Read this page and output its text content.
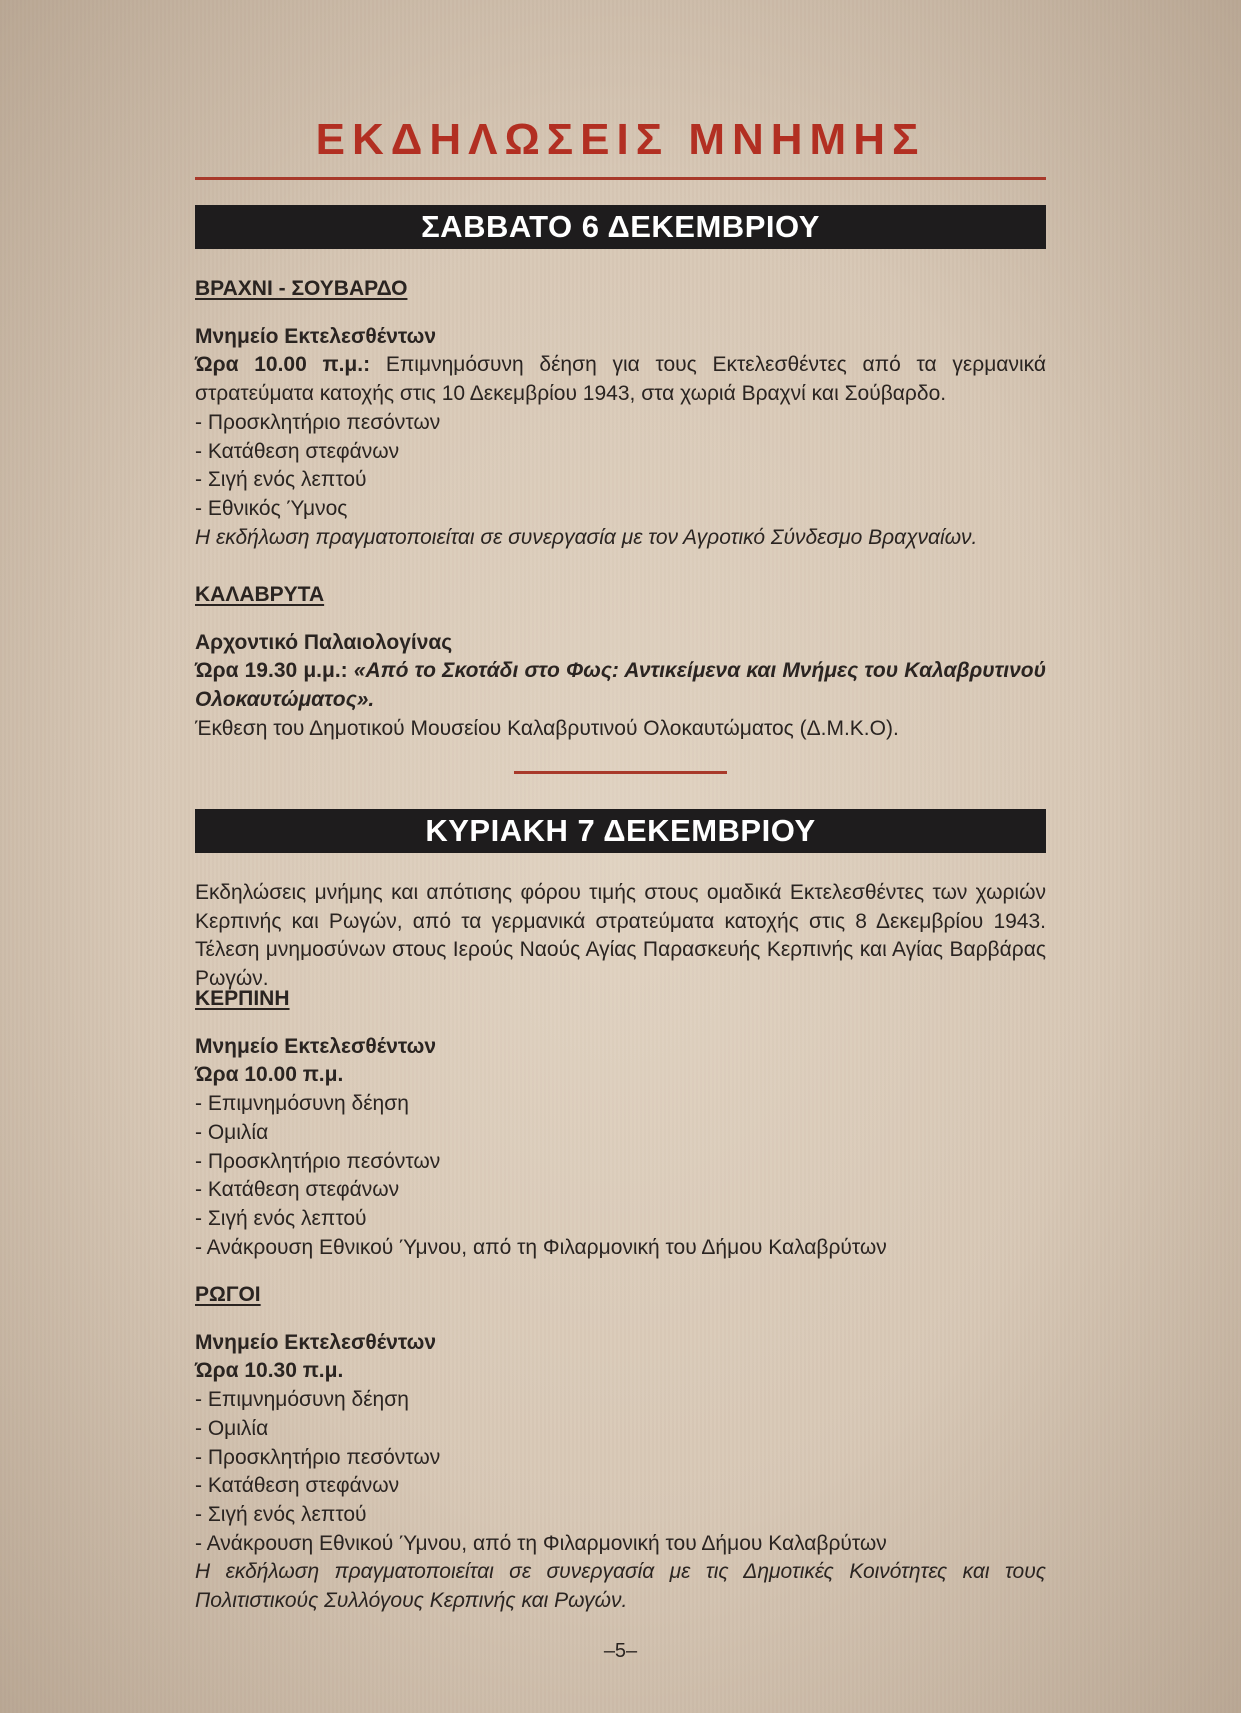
ΕΚΔΗΛΩΣΕΙΣ ΜΝΗΜΗΣ
ΣΑΒΒΑΤΟ 6 ΔΕΚΕΜΒΡΙΟΥ
ΒΡΑΧΝΙ - ΣΟΥΒΑΡΔΟ
Μνημείο Εκτελεσθέντων
Ώρα 10.00 π.μ.: Επιμνημόσυνη δέηση για τους Εκτελεσθέντες από τα γερμανικά στρατεύματα κατοχής στις 10 Δεκεμβρίου 1943, στα χωριά Βραχνί και Σούβαρδο.
- Προσκλητήριο πεσόντων
- Κατάθεση στεφάνων
- Σιγή ενός λεπτού
- Εθνικός Ύμνος
Η εκδήλωση πραγματοποιείται σε συνεργασία με τον Αγροτικό Σύνδεσμο Βραχναίων.
ΚΑΛΑΒΡΥΤΑ
Αρχοντικό Παλαιολογίνας
Ώρα 19.30 μ.μ.: «Από το Σκοτάδι στο Φως: Αντικείμενα και Μνήμες του Καλαβρυτινού Ολοκαυτώματος».
Έκθεση του Δημοτικού Μουσείου Καλαβρυτινού Ολοκαυτώματος (Δ.Μ.Κ.Ο).
ΚΥΡΙΑΚΗ 7 ΔΕΚΕΜΒΡΙΟΥ
Εκδηλώσεις μνήμης και απότισης φόρου τιμής στους ομαδικά Εκτελεσθέντες των χωριών Κερπινής και Ρωγών, από τα γερμανικά στρατεύματα κατοχής στις 8 Δεκεμβρίου 1943. Τέλεση μνημοσύνων στους Ιερούς Ναούς Αγίας Παρασκευής Κερπινής και Αγίας Βαρβάρας Ρωγών.
ΚΕΡΠΙΝΗ
Μνημείο Εκτελεσθέντων
Ώρα 10.00 π.μ.
- Επιμνημόσυνη δέηση
- Ομιλία
- Προσκλητήριο πεσόντων
- Κατάθεση στεφάνων
- Σιγή ενός λεπτού
- Ανάκρουση Εθνικού Ύμνου, από τη Φιλαρμονική του Δήμου Καλαβρύτων
ΡΩΓΟΙ
Μνημείο Εκτελεσθέντων
Ώρα 10.30 π.μ.
- Επιμνημόσυνη δέηση
- Ομιλία
- Προσκλητήριο πεσόντων
- Κατάθεση στεφάνων
- Σιγή ενός λεπτού
- Ανάκρουση Εθνικού Ύμνου, από τη Φιλαρμονική του Δήμου Καλαβρύτων
Η εκδήλωση πραγματοποιείται σε συνεργασία με τις Δημοτικές Κοινότητες και τους Πολιτιστικούς Συλλόγους Κερπινής και Ρωγών.
–5–
